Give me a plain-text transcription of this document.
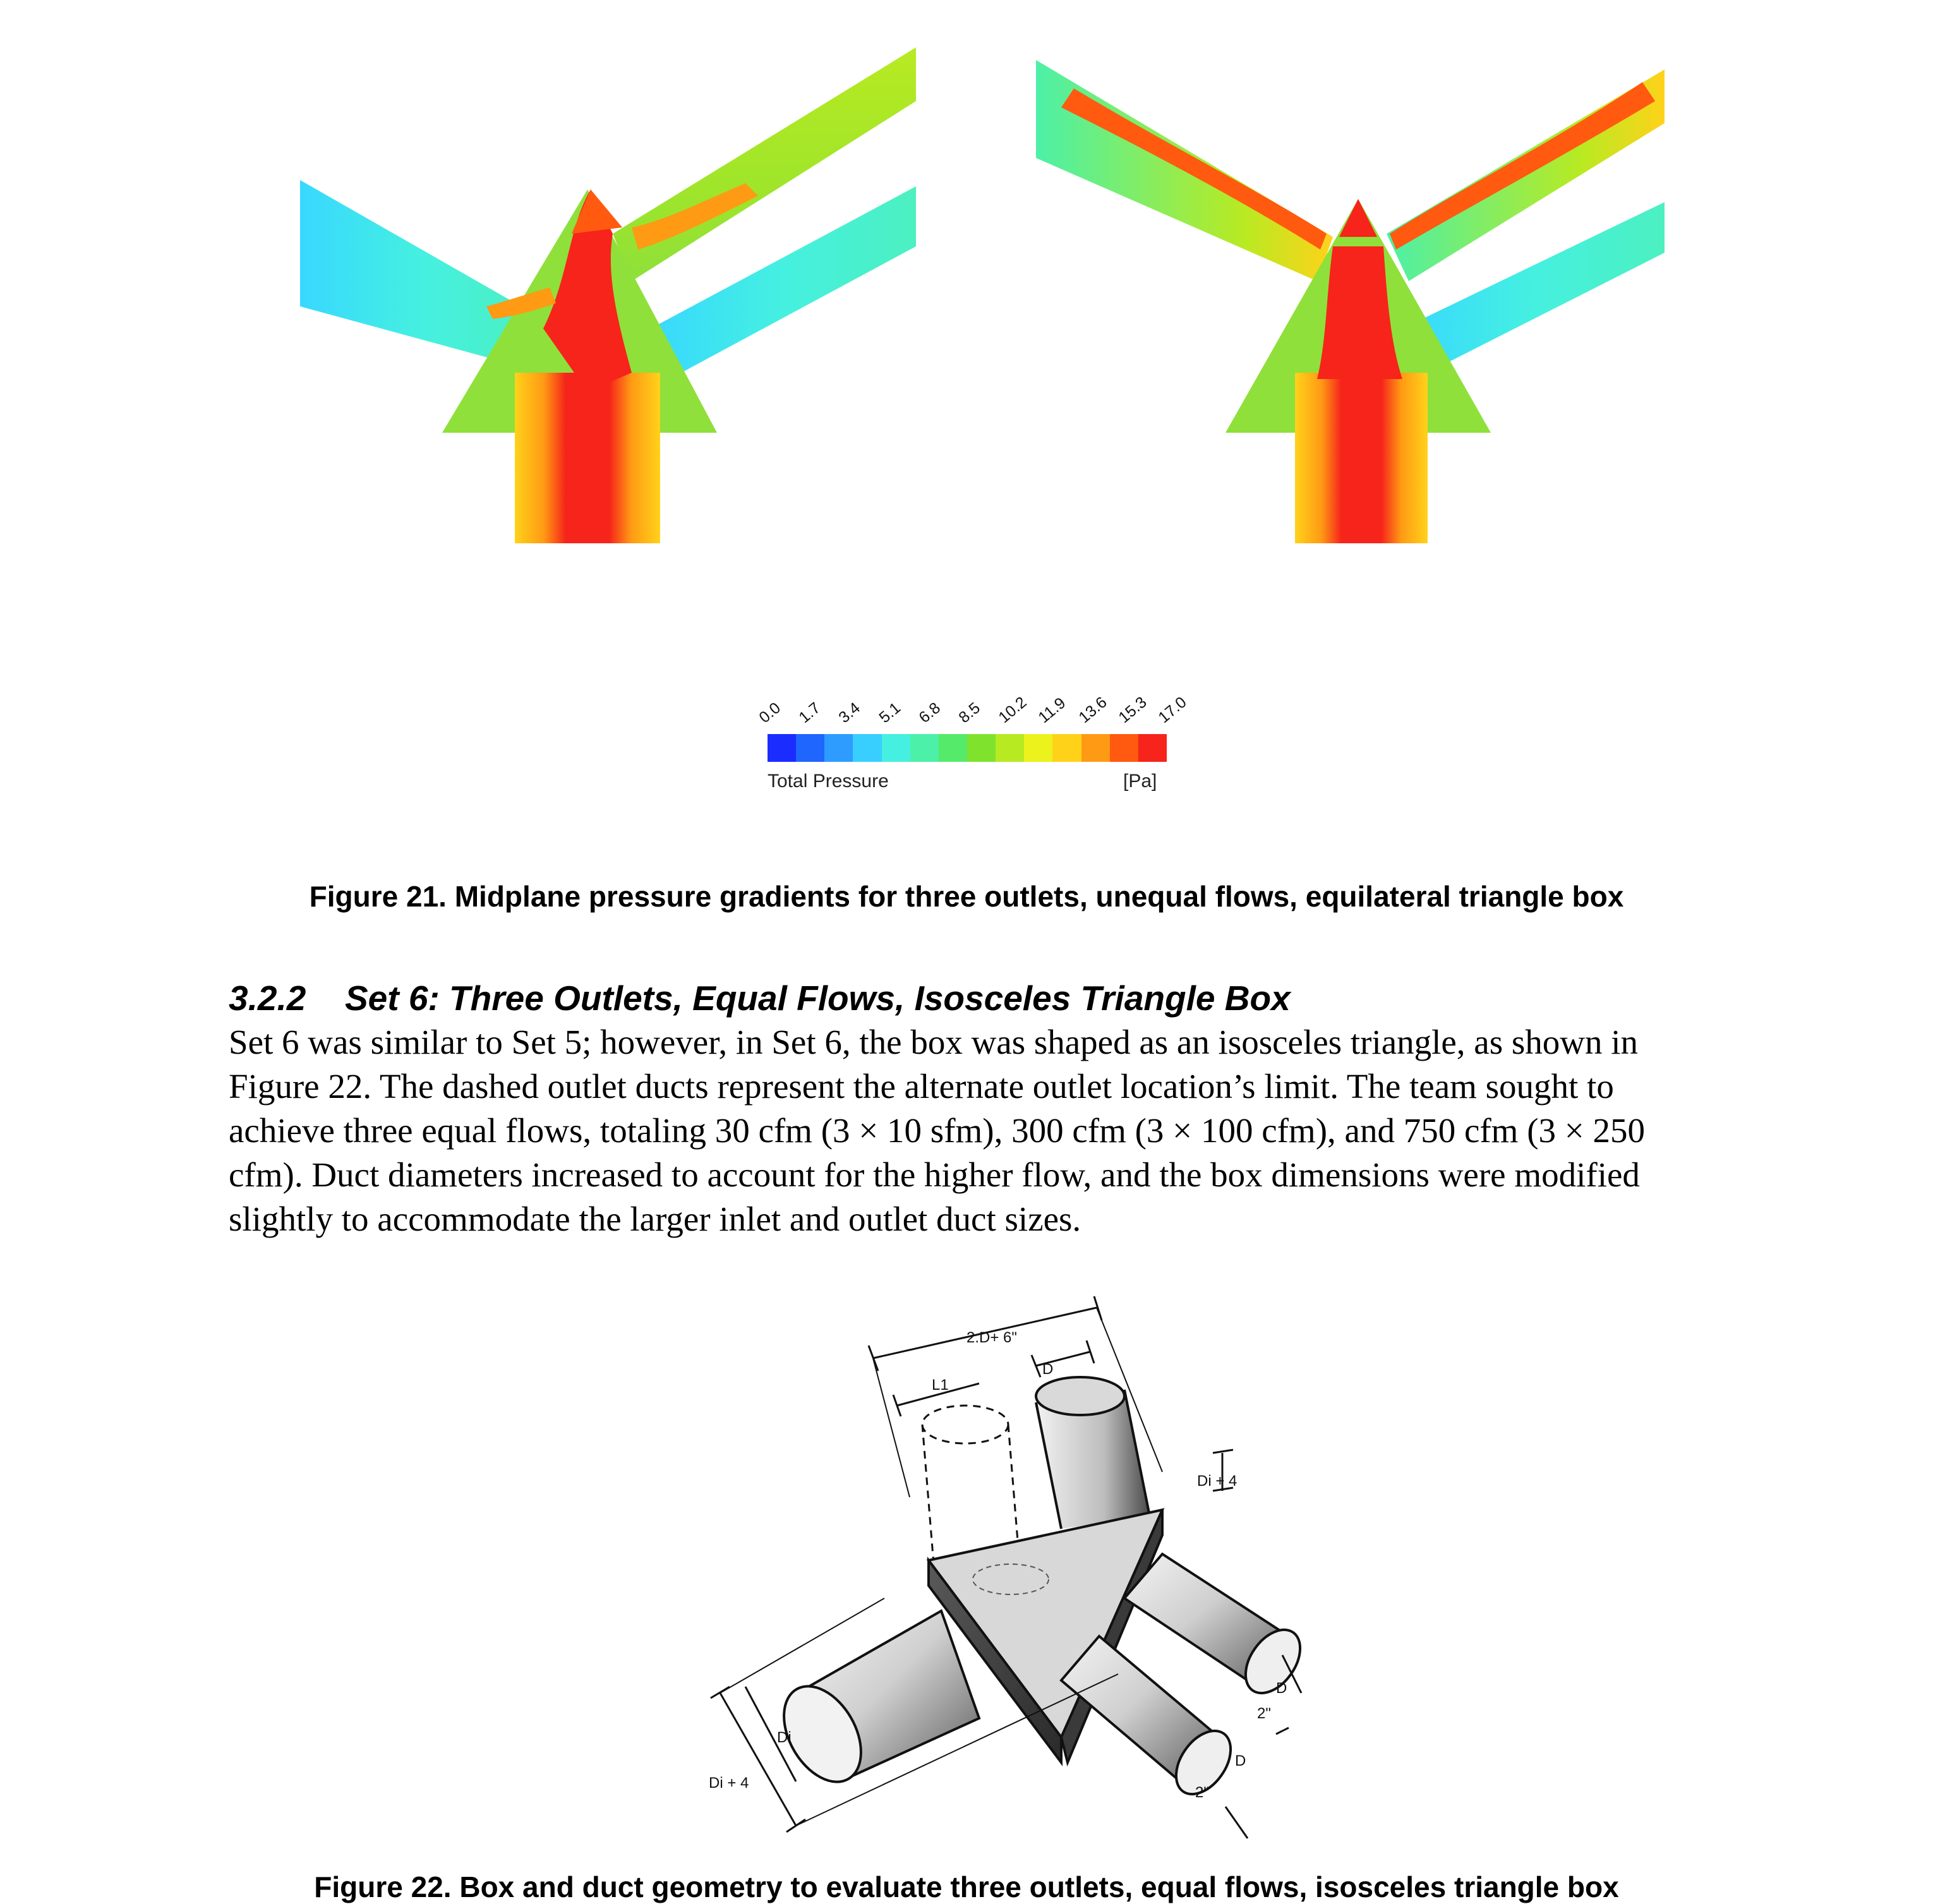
0.0 1.7 3.4 5.1 6.8 8.5 10.2 11.9 13.6 15.3 17.0
Total Pressure	[Pa]
Figure 21. Midplane pressure gradients for three outlets, unequal flows, equilateral triangle box
3.2.2 Set 6: Three Outlets, Equal Flows, Isosceles Triangle Box

Set 6 was similar to Set 5; however, in Set 6, the box was shaped as an isosceles triangle, as shown in Figure 22. The dashed outlet ducts represent the alternate outlet location’s limit. The team sought to achieve three equal flows, totaling 30 cfm (3 × 10 sfm), 300 cfm (3 × 100 cfm), and 750 cfm (3 × 250 cfm). Duct diameters increased to account for the higher flow, and the box dimensions were modified slightly to accommodate the larger inlet and outlet duct sizes.

2.D+ 6"
L1
D
Di + 4
Di
Di + 4
D
2"
D
2"
Figure 22. Box and duct geometry to evaluate three outlets, equal flows, isosceles triangle box
